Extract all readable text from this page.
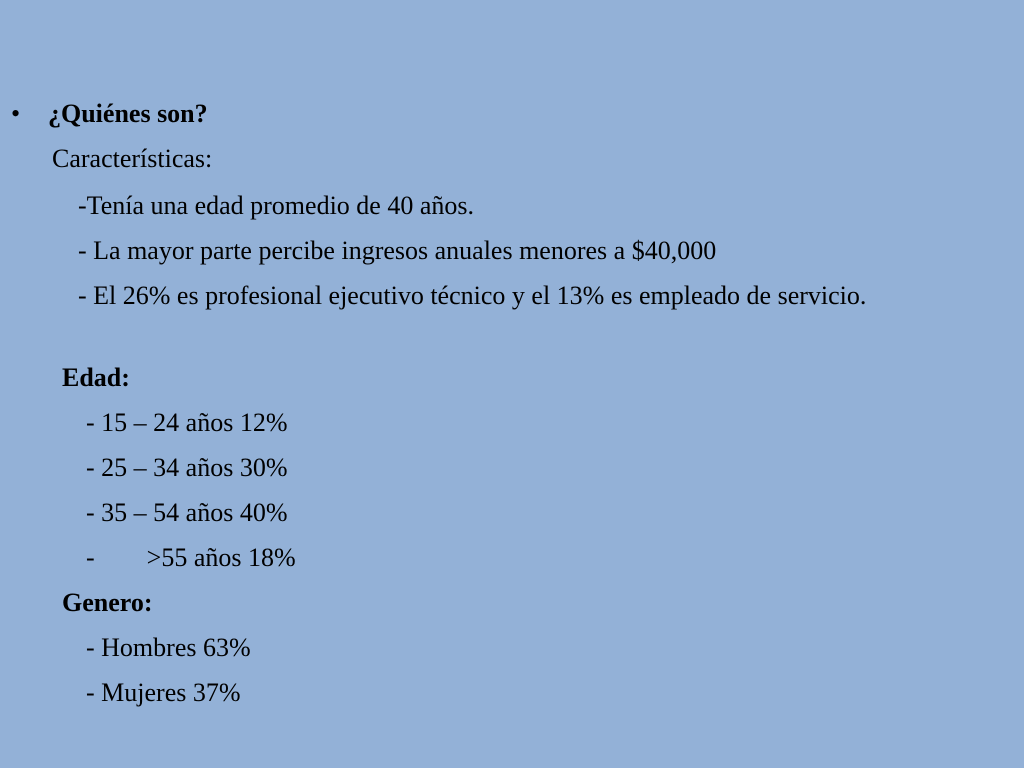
• ¿Quiénes son?
Características:
-Tenía una edad promedio de 40 años.
- La mayor parte percibe ingresos anuales menores a $40,000
- El 26% es profesional ejecutivo técnico y el 13% es empleado de servicio.
Edad:
- 15 – 24 años 12%
- 25 – 34 años 30%
- 35 – 54 años 40%
-        >55 años 18%
Genero:
- Hombres 63%
- Mujeres 37%
